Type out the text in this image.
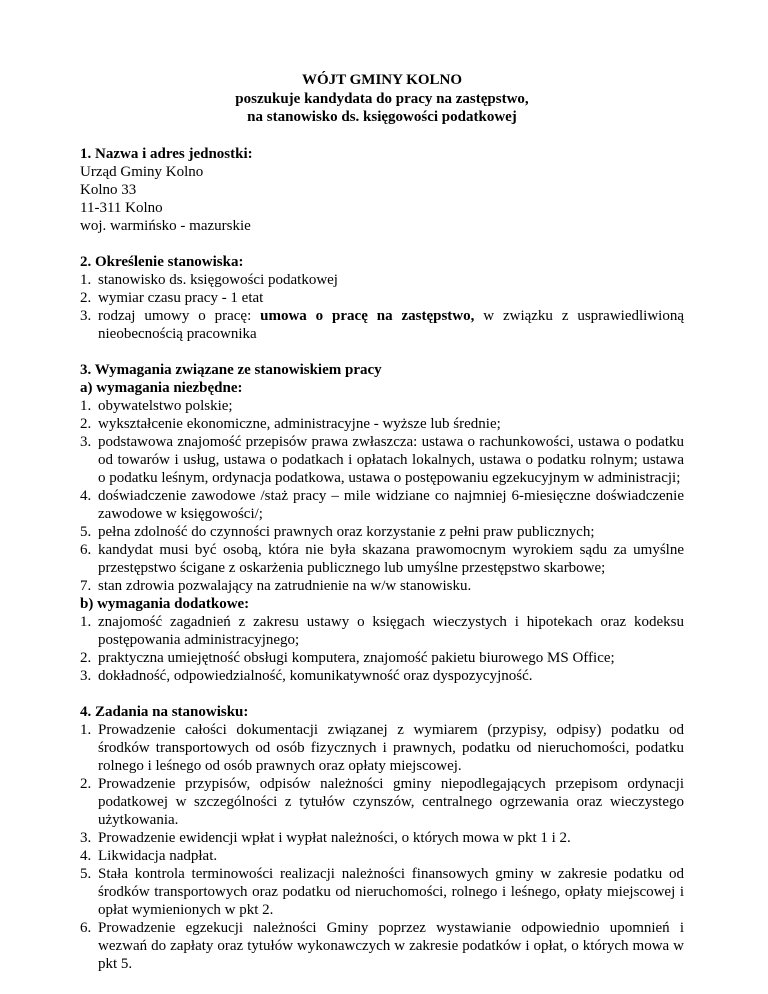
WÓJT GMINY KOLNO
poszukuje kandydata do pracy na zastępstwo,
na stanowisko ds. księgowości podatkowej
1. Nazwa i adres jednostki:
Urząd Gminy Kolno
Kolno 33
11-311 Kolno
woj. warmińsko - mazurskie
2. Określenie stanowiska:
1. stanowisko ds. księgowości podatkowej
2. wymiar czasu pracy - 1 etat
3. rodzaj umowy o pracę: umowa o pracę na zastępstwo, w związku z usprawiedliwioną nieobecnością pracownika
3. Wymagania związane ze stanowiskiem pracy
a) wymagania niezbędne:
1. obywatelstwo polskie;
2. wykształcenie ekonomiczne, administracyjne - wyższe lub średnie;
3. podstawowa znajomość przepisów prawa zwłaszcza: ustawa o rachunkowości, ustawa o podatku od towarów i usług, ustawa o podatkach i opłatach lokalnych, ustawa o podatku rolnym; ustawa o podatku leśnym, ordynacja podatkowa, ustawa o postępowaniu egzekucyjnym w administracji;
4. doświadczenie zawodowe /staż pracy – mile widziane co najmniej 6-miesięczne doświadczenie zawodowe w księgowości/;
5. pełna zdolność do czynności prawnych oraz korzystanie z pełni praw publicznych;
6. kandydat musi być osobą, która nie była skazana prawomocnym wyrokiem sądu za umyślne przestępstwo ścigane z oskarżenia publicznego lub umyślne przestępstwo skarbowe;
7. stan zdrowia pozwalający na zatrudnienie na w/w stanowisku.
b) wymagania dodatkowe:
1. znajomość zagadnień z zakresu ustawy o księgach wieczystych i hipotekach oraz kodeksu postępowania administracyjnego;
2. praktyczna umiejętność obsługi komputera, znajomość pakietu biurowego MS Office;
3. dokładność, odpowiedzialność, komunikatywność oraz dyspozycyjność.
4. Zadania na stanowisku:
1. Prowadzenie całości dokumentacji związanej z wymiarem (przypisy, odpisy) podatku od środków transportowych od osób fizycznych i prawnych, podatku od nieruchomości, podatku rolnego i leśnego od osób prawnych oraz opłaty miejscowej.
2. Prowadzenie przypisów, odpisów należności gminy niepodlegających przepisom ordynacji podatkowej w szczególności z tytułów czynszów, centralnego ogrzewania oraz wieczystego użytkowania.
3. Prowadzenie ewidencji wpłat i wypłat należności, o których mowa w pkt 1 i 2.
4. Likwidacja nadpłat.
5. Stała kontrola terminowości realizacji należności finansowych gminy w zakresie podatku od środków transportowych oraz podatku od nieruchomości, rolnego i leśnego, opłaty miejscowej i opłat wymienionych w pkt 2.
6. Prowadzenie egzekucji należności Gminy poprzez wystawianie odpowiednio upomnień i wezwań do zapłaty oraz tytułów wykonawczych w zakresie podatków i opłat, o których mowa w pkt 5.
